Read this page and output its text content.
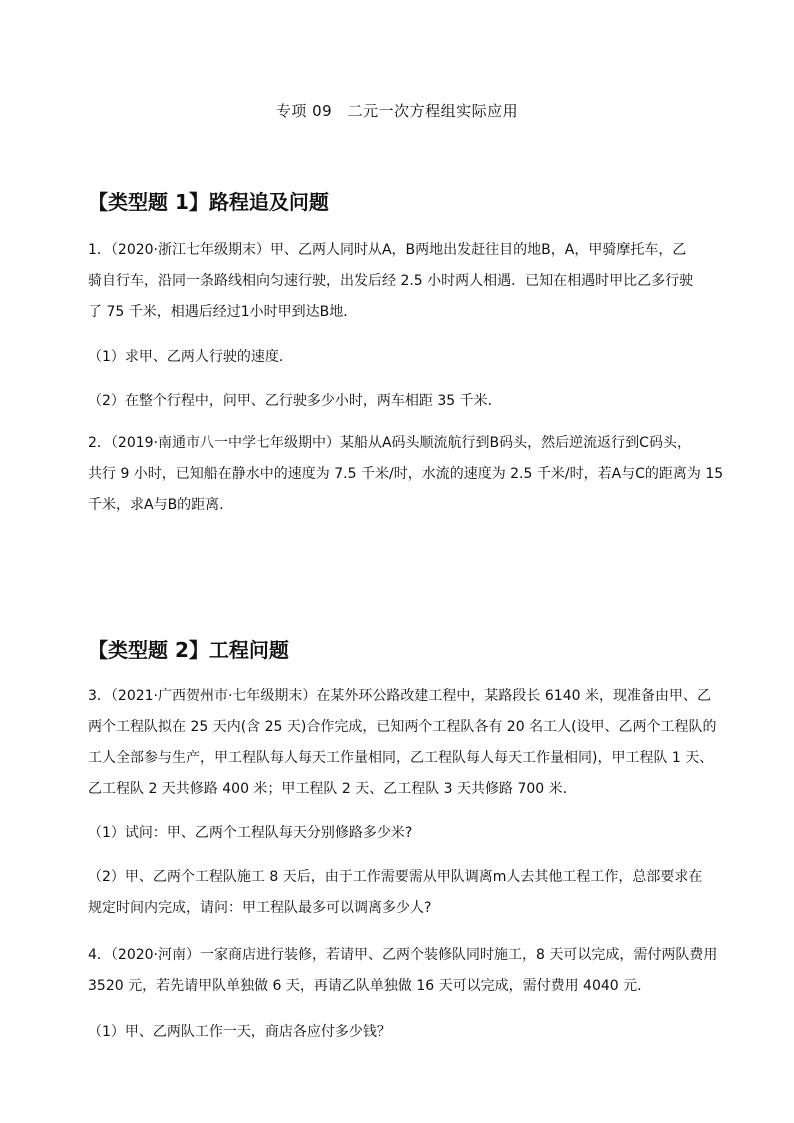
专项 09　二元一次方程组实际应用
【类型题 1】路程追及问题
1．（2020·浙江七年级期末）甲、乙两人同时从A，B两地出发赶往目的地B，A，甲骑摩托车，乙
骑自行车，沿同一条路线相向匀速行驶，出发后经 2.5 小时两人相遇．已知在相遇时甲比乙多行驶
了 75 千米，相遇后经过1小时甲到达B地．
（1）求甲、乙两人行驶的速度．
（2）在整个行程中，问甲、乙行驶多少小时，两车相距 35 千米．
2．（2019·南通市八一中学七年级期中）某船从A码头顺流航行到B码头，然后逆流返行到C码头，
共行 9 小时，已知船在静水中的速度为 7.5 千米/时，水流的速度为 2.5 千米/时，若A与C的距离为 15
千米，求A与B的距离.
【类型题 2】工程问题
3．（2021·广西贺州市·七年级期末）在某外环公路改建工程中，某路段长 6140 米，现准备由甲、乙
两个工程队拟在 25 天内(含 25 天)合作完成，已知两个工程队各有 20 名工人(设甲、乙两个工程队的
工人全部参与生产，甲工程队每人每天工作量相同，乙工程队每人每天工作量相同)，甲工程队 1 天、
乙工程队 2 天共修路 400 米；甲工程队 2 天、乙工程队 3 天共修路 700 米．
（1）试问：甲、乙两个工程队每天分别修路多少米?
（2）甲、乙两个工程队施工 8 天后，由于工作需要需从甲队调离m人去其他工程工作，总部要求在
规定时间内完成，请问：甲工程队最多可以调离多少人?
4．（2020·河南）一家商店进行装修，若请甲、乙两个装修队同时施工，8 天可以完成，需付两队费用
3520 元，若先请甲队单独做 6 天，再请乙队单独做 16 天可以完成，需付费用 4040 元．
（1）甲、乙两队工作一天，商店各应付多少钱？
